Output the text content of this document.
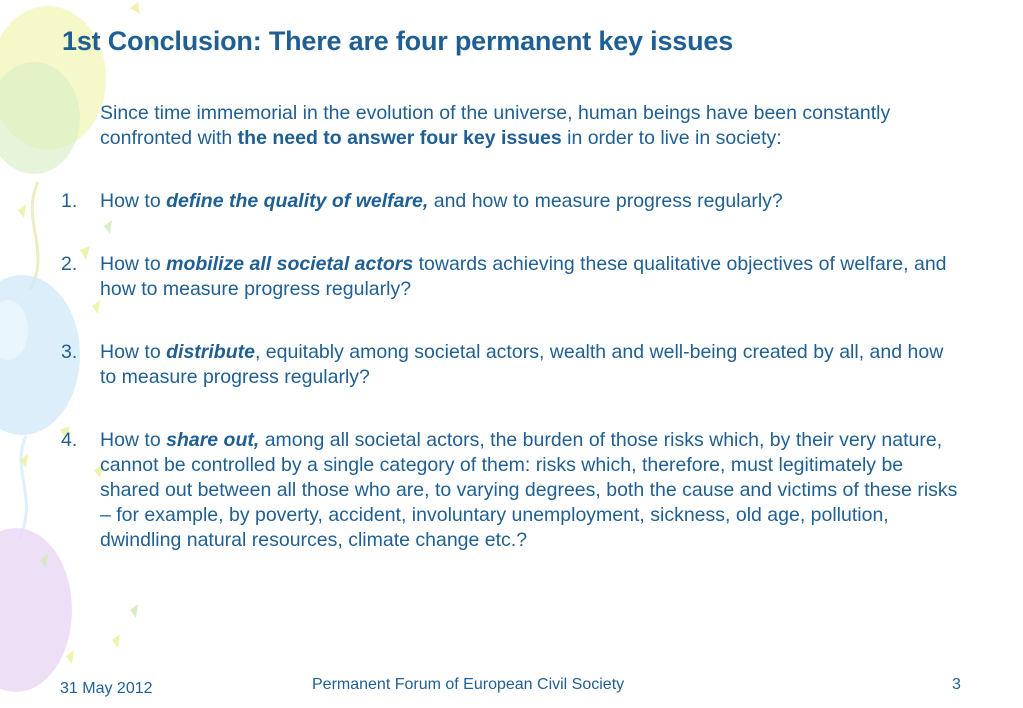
1st Conclusion: There are four permanent key issues

Since time immemorial in the evolution of the universe, human beings have been constantly confronted with the need to answer four key issues in order to live in society:

1. How to define the quality of welfare, and how to measure progress regularly?
2. How to mobilize all societal actors towards achieving these qualitative objectives of welfare, and how to measure progress regularly?
3. How to distribute, equitably among societal actors, wealth and well-being created by all, and how to measure progress regularly?
4. How to share out, among all societal actors, the burden of those risks which, by their very nature, cannot be controlled by a single category of them: risks which, therefore, must legitimately be shared out between all those who are, to varying degrees, both the cause and victims of these risks – for example, by poverty, accident, involuntary unemployment, sickness, old age, pollution, dwindling natural resources, climate change etc.?
31 May 2012	Permanent Forum of European Civil Society	3
